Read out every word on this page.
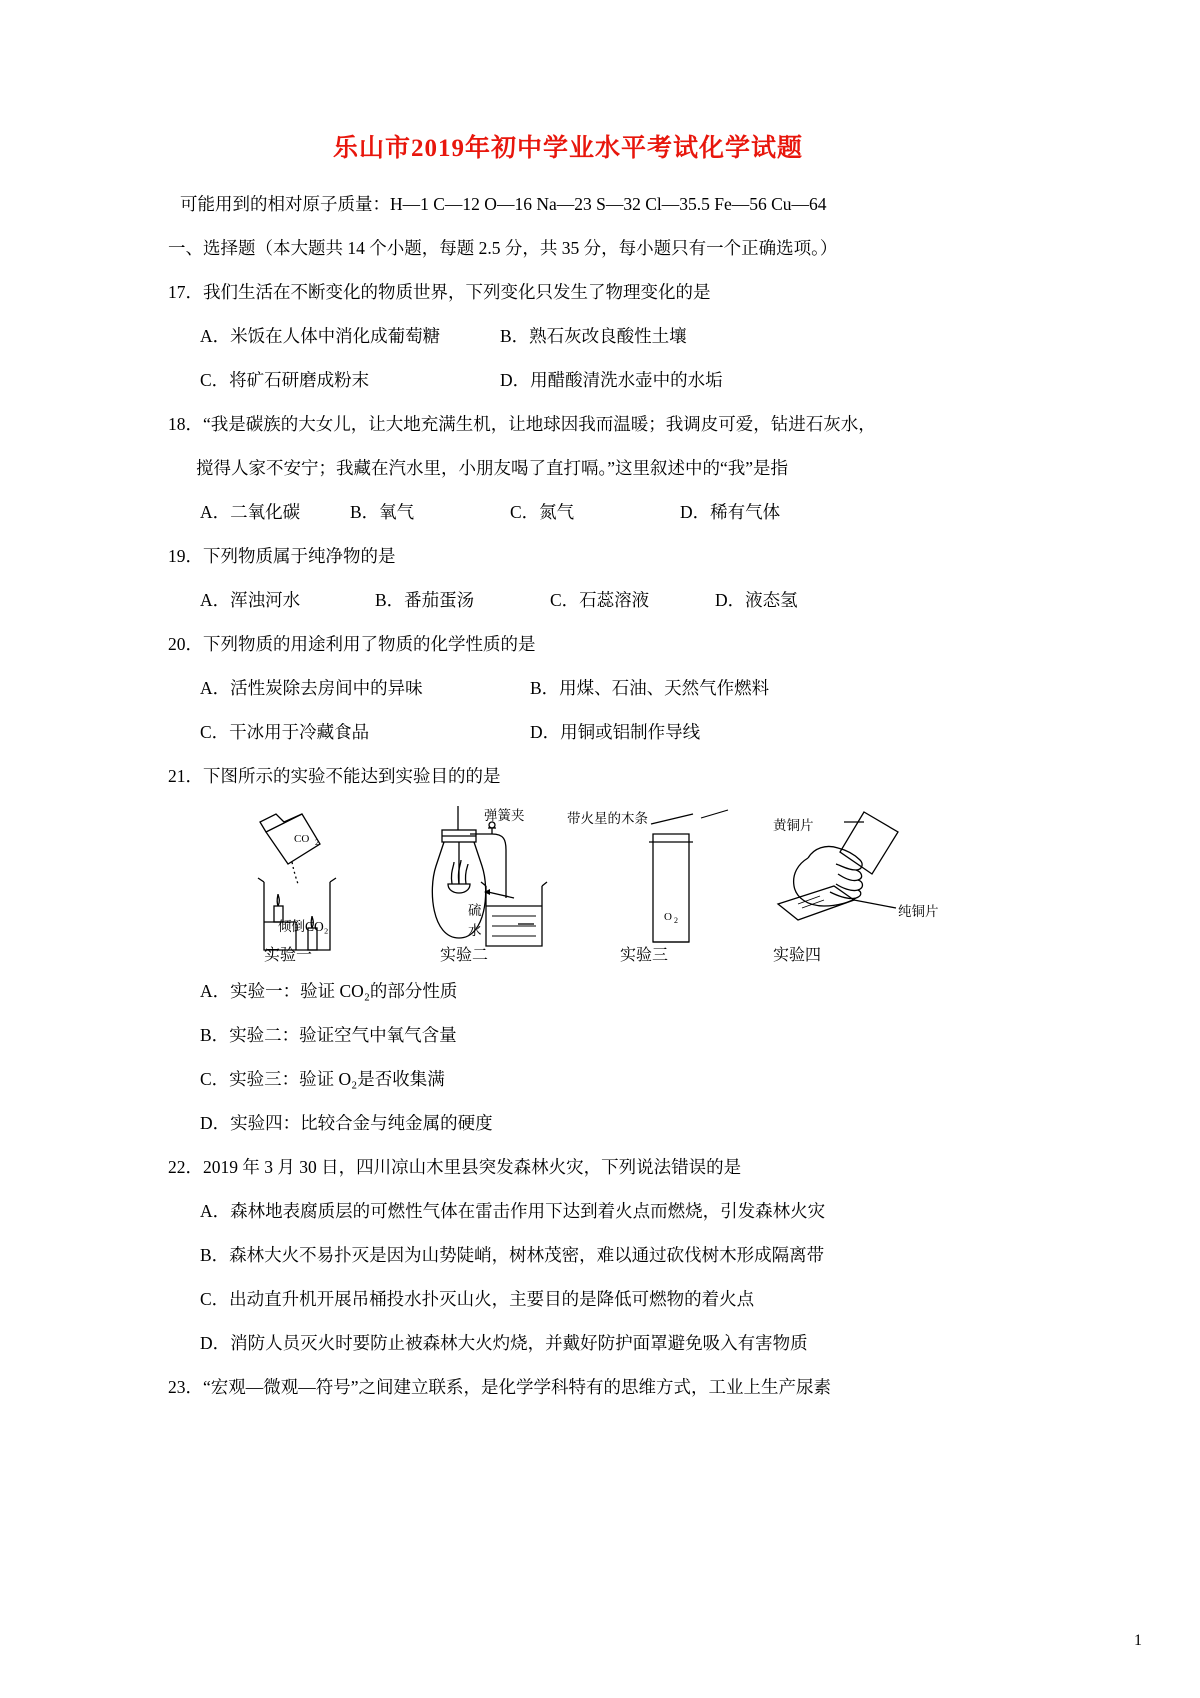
乐山市2019年初中学业水平考试化学试题

可能用到的相对原子质量：H—1 C—12 O—16 Na—23 S—32 Cl—35.5 Fe—56 Cu—64

一、选择题（本大题共 14 个小题，每题 2.5 分，共 35 分，每小题只有一个正确选项。）

17．我们生活在不断变化的物质世界，下列变化只发生了物理变化的是

A．米饭在人体中消化成葡萄糖	B．熟石灰改良酸性土壤
C．将矿石研磨成粉末	D．用醋酸清洗水壶中的水垢

18．“我是碳族的大女儿，让大地充满生机，让地球因我而温暖；我调皮可爱，钻进石灰水，

搅得人家不安宁；我藏在汽水里，小朋友喝了直打嗝。”这里叙述中的“我”是指

A．二氧化碳	B．氧气	C．氮气	D．稀有气体

19．下列物质属于纯净物的是

A．浑浊河水	B．番茄蛋汤	C．石蕊溶液	D．液态氢

20．下列物质的用途利用了物质的化学性质的是

A．活性炭除去房间中的异味	B．用煤、石油、天然气作燃料
C．干冰用于冷藏食品	D．用铜或铝制作导线

21．下图所示的实验不能达到实验目的的是

CO 2
O 2
倾倒CO₂
弹簧夹
硫
水
带火星的木条	黄铜片
纯铜片
实验一	实验二	实验三	实验四
A．实验一：验证 CO₂的部分性质
B．实验二：验证空气中氧气含量
C．实验三：验证 O₂是否收集满
D．实验四：比较合金与纯金属的硬度

22．2019 年 3 月 30 日，四川凉山木里县突发森林火灾，下列说法错误的是

A．森林地表腐质层的可燃性气体在雷击作用下达到着火点而燃烧，引发森林火灾
B．森林大火不易扑灭是因为山势陡峭，树林茂密，难以通过砍伐树木形成隔离带
C．出动直升机开展吊桶投水扑灭山火，主要目的是降低可燃物的着火点
D．消防人员灭火时要防止被森林大火灼烧，并戴好防护面罩避免吸入有害物质

23．“宏观—微观—符号”之间建立联系，是化学学科特有的思维方式，工业上生产尿素

1
